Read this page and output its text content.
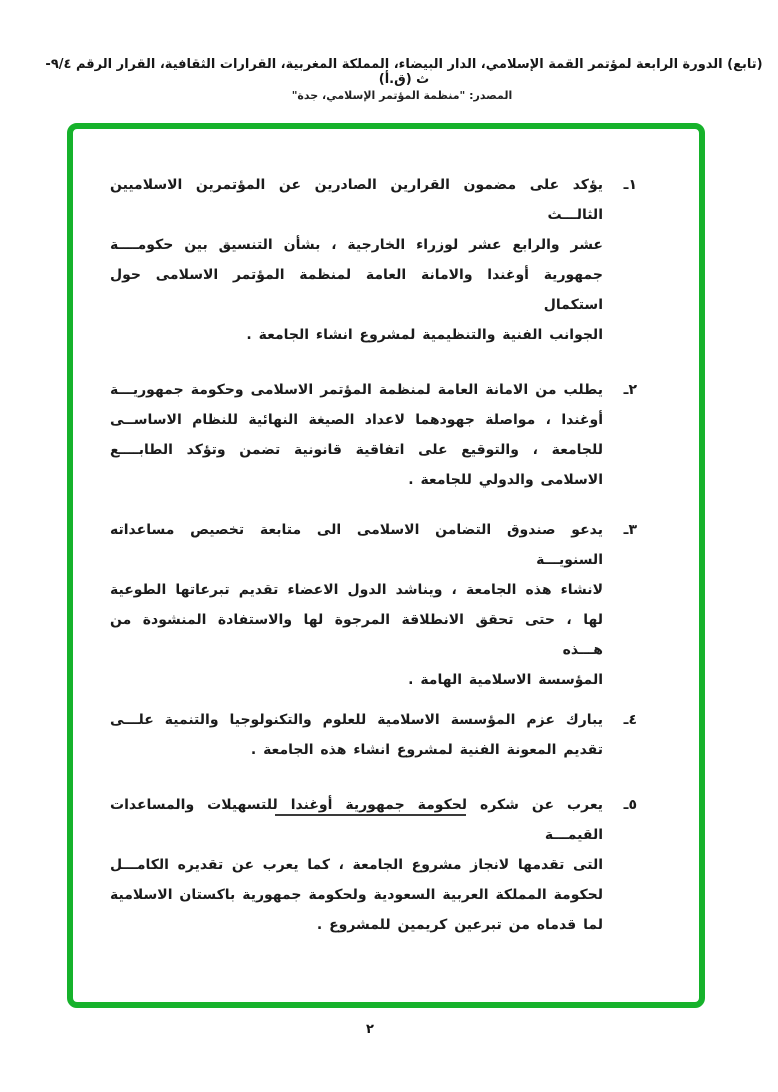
(تابع) الدورة الرابعة لمؤتمر القمة الإسلامي، الدار البيضاء، المملكة المغربية، القرارات الثقافية، القرار الرقم ٩/٤-ث (ق.أ)
المصدر: "منظمة المؤتمر الإسلامي، جدة"
١ـ
يؤكد على مضمون القرارين الصادرين عن المؤتمرين الاسلاميين الثالـــث
عشر والرابع عشر لوزراء الخارجية ، بشأن التنسيق بين حكومــــة
جمهورية أوغندا والامانة العامة لمنظمة المؤتمر الاسلامى حول استكمال
الجوانب الفنية والتنظيمية لمشروع انشاء الجامعة .
٢ـ
يطلب من الامانة العامة لمنظمة المؤتمر الاسلامى وحكومة جمهوريـــة
أوغندا ، مواصلة جهودهما لاعداد الصيغة النهائية للنظام الاساســى
للجامعة ، والتوقيع على اتفاقية قانونية تضمن وتؤكد الطابــــع
الاسلامى والدولي للجامعة .
٣ـ
يدعو صندوق التضامن الاسلامى الى متابعة تخصيص مساعداته السنويـــة
لانشاء هذه الجامعة ، ويناشد الدول الاعضاء تقديم تبرعاتها الطوعية
لها ، حتى تحقق الانطلاقة المرجوة لها والاستفادة المنشودة من هـــذه
المؤسسة الاسلامية الهامة .
٤ـ
يبارك عزم المؤسسة الاسلامية للعلوم والتكنولوجيا والتنمية علـــى
تقديم المعونة الفنية لمشروع انشاء هذه الجامعة .
٥ـ
يعرب عن شكره لحكومة جمهورية أوغندا للتسهيلات والمساعدات القيمـــة
التى تقدمها لانجاز مشروع الجامعة ، كما يعرب عن تقديره الكامـــل
لحكومة المملكة العربية السعودية ولحكومة جمهورية باكستان الاسلامية
لما قدماه من تبرعين كريمين للمشروع .
٢
